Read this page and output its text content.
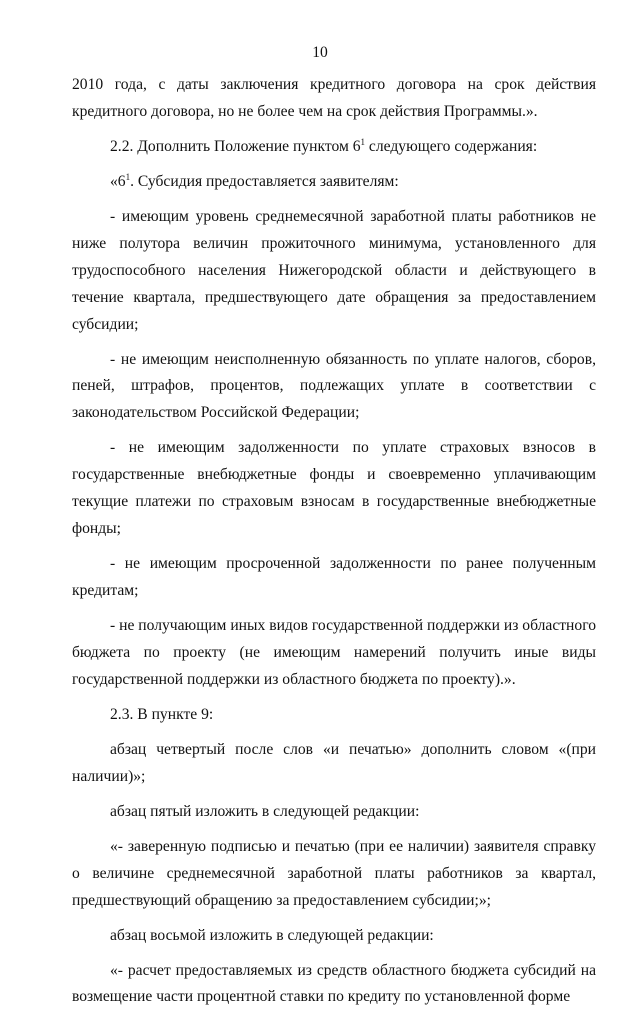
10

2010 года, с даты заключения кредитного договора на срок действия кредитного договора, но не более чем на срок действия Программы.».

2.2. Дополнить Положение пунктом $6^1$ следующего содержания:

«$6^1$. Субсидия предоставляется заявителям:

- имеющим уровень среднемесячной заработной платы работников не ниже полутора величин прожиточного минимума, установленного для трудоспособного населения Нижегородской области и действующего в течение квартала, предшествующего дате обращения за предоставлением субсидии;

- не имеющим неисполненную обязанность по уплате налогов, сборов, пеней, штрафов, процентов, подлежащих уплате в соответствии с законодательством Российской Федерации;

- не имеющим задолженности по уплате страховых взносов в государственные внебюджетные фонды и своевременно уплачивающим текущие платежи по страховым взносам в государственные внебюджетные фонды;

- не имеющим просроченной задолженности по ранее полученным кредитам;

- не получающим иных видов государственной поддержки из областного бюджета по проекту (не имеющим намерений получить иные виды государственной поддержки из областного бюджета по проекту).».

2.3. В пункте 9:

абзац четвертый после слов «и печатью» дополнить словом «(при наличии)»;

абзац пятый изложить в следующей редакции:

«- заверенную подписью и печатью (при ее наличии) заявителя справку о величине среднемесячной заработной платы работников за квартал, предшествующий обращению за предоставлением субсидии;»;

абзац восьмой изложить в следующей редакции:

«- расчет предоставляемых из средств областного бюджета субсидий на возмещение части процентной ставки по кредиту по установленной форме
